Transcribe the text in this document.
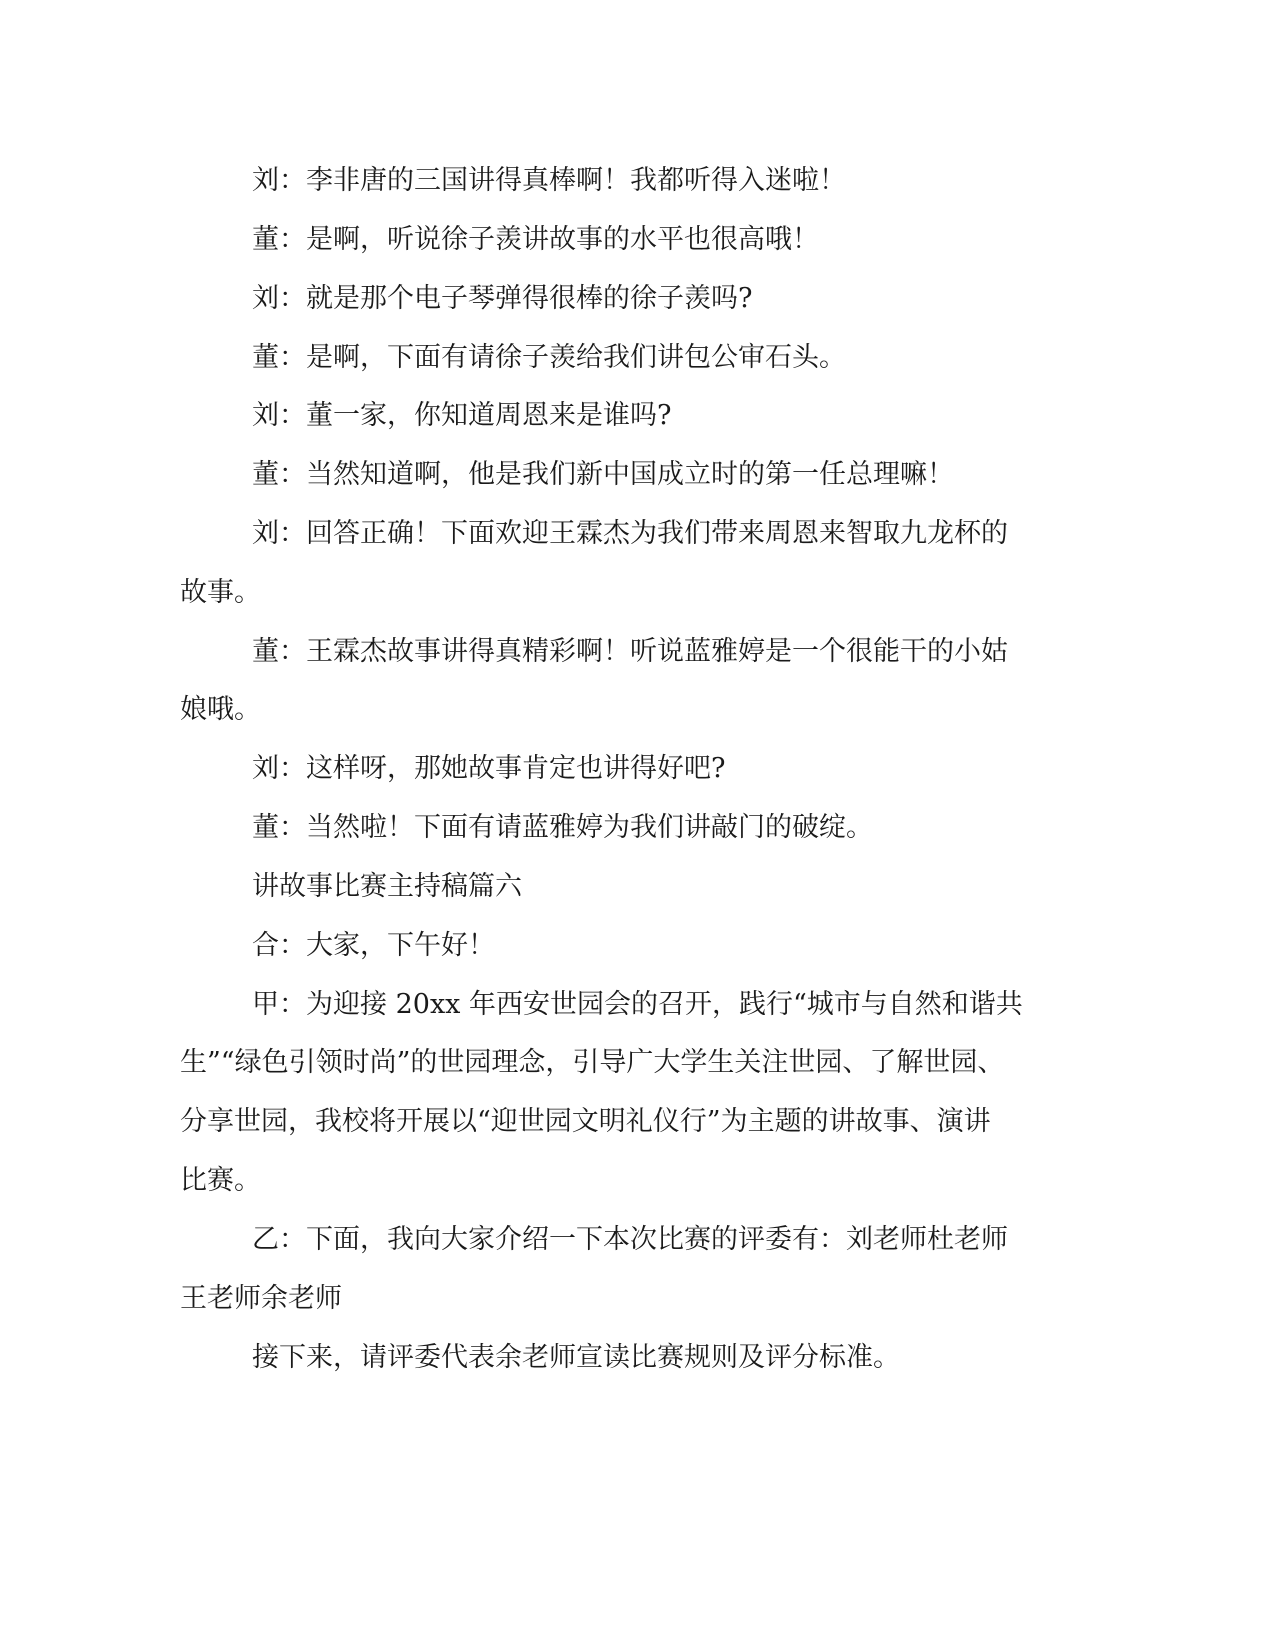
刘：李非唐的三国讲得真棒啊！我都听得入迷啦！

董：是啊，听说徐子羡讲故事的水平也很高哦！

刘：就是那个电子琴弹得很棒的徐子羡吗?

董：是啊，下面有请徐子羡给我们讲包公审石头。

刘：董一家，你知道周恩来是谁吗?

董：当然知道啊，他是我们新中国成立时的第一任总理嘛！

刘：回答正确！下面欢迎王霖杰为我们带来周恩来智取九龙杯的

故事。

董：王霖杰故事讲得真精彩啊！听说蓝雅婷是一个很能干的小姑

娘哦。

刘：这样呀，那她故事肯定也讲得好吧?

董：当然啦！下面有请蓝雅婷为我们讲敲门的破绽。

讲故事比赛主持稿篇六

合：大家，下午好！

甲：为迎接 20xx 年西安世园会的召开，践行“城市与自然和谐共

生”“绿色引领时尚”的世园理念，引导广大学生关注世园、了解世园、

分享世园，我校将开展以“迎世园文明礼仪行”为主题的讲故事、演讲

比赛。

乙：下面，我向大家介绍一下本次比赛的评委有：刘老师杜老师

王老师余老师

接下来，请评委代表余老师宣读比赛规则及评分标准。
